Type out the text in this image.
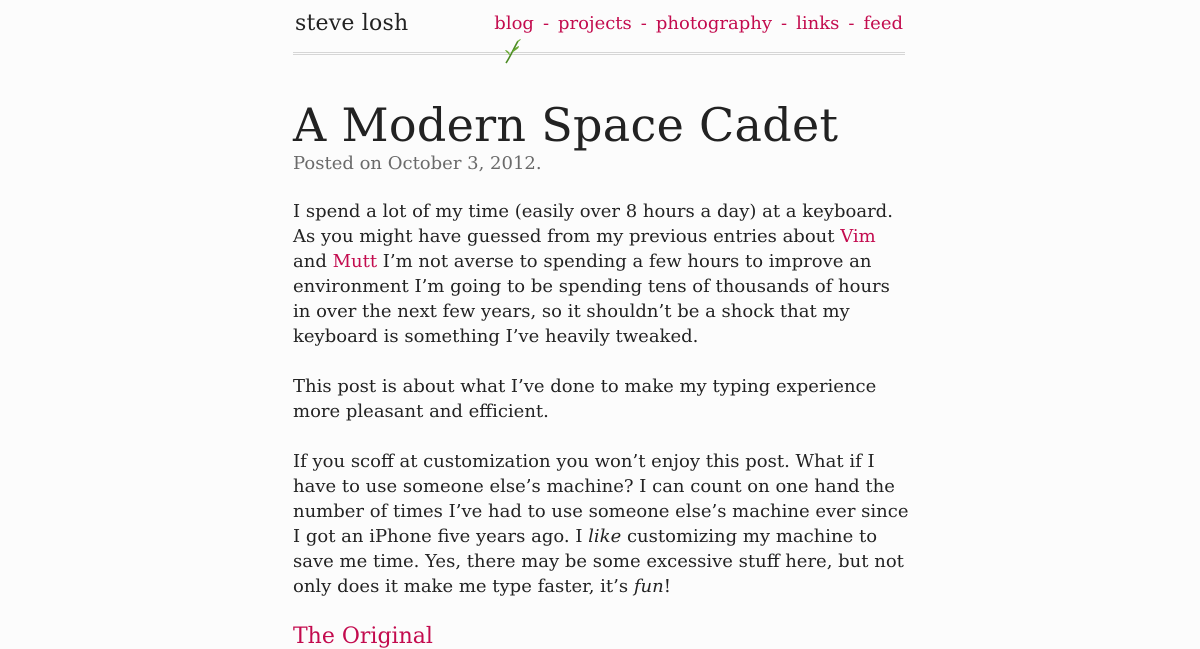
steve losh	blog - projects - photography - links - feed
A Modern Space Cadet
Posted on October 3, 2012.

I spend a lot of my time (easily over 8 hours a day) at a keyboard. As you might have guessed from my previous entries about Vim and Mutt I’m not averse to spending a few hours to improve an environment I’m going to be spending tens of thousands of hours in over the next few years, so it shouldn’t be a shock that my keyboard is something I’ve heavily tweaked.

This post is about what I’ve done to make my typing experience more pleasant and efficient.

If you scoff at customization you won’t enjoy this post. What if I have to use someone else’s machine? I can count on one hand the number of times I’ve had to use someone else’s machine ever since I got an iPhone five years ago. I like customizing my machine to save me time. Yes, there may be some excessive stuff here, but not only does it make me type faster, it’s fun!

The Original
